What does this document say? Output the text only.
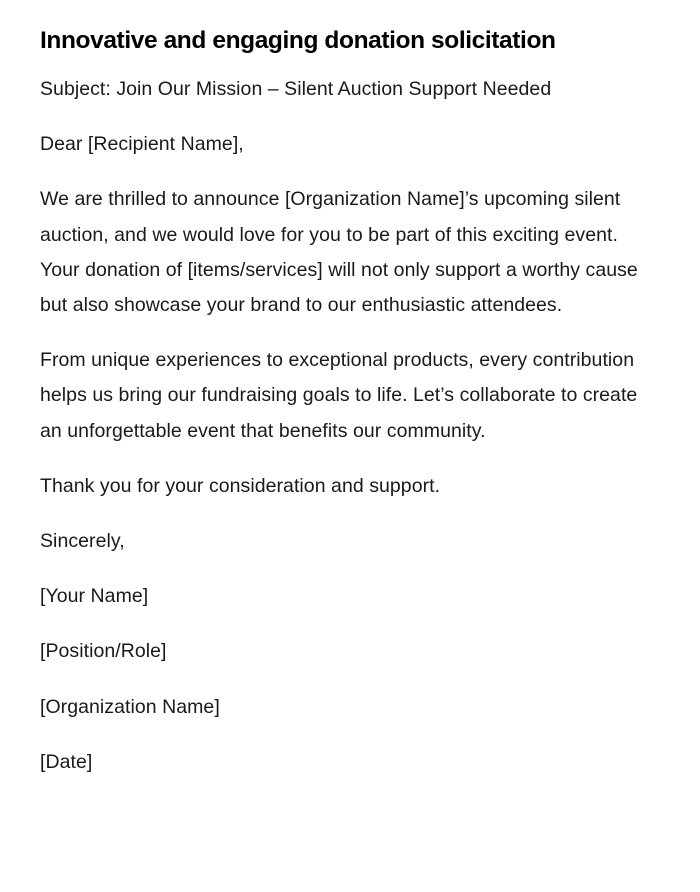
Innovative and engaging donation solicitation

Subject: Join Our Mission – Silent Auction Support Needed

Dear [Recipient Name],

We are thrilled to announce [Organization Name]’s upcoming silent auction, and we would love for you to be part of this exciting event. Your donation of [items/services] will not only support a worthy cause but also showcase your brand to our enthusiastic attendees.

From unique experiences to exceptional products, every contribution helps us bring our fundraising goals to life. Let’s collaborate to create an unforgettable event that benefits our community.

Thank you for your consideration and support.

Sincerely,

[Your Name]

[Position/Role]

[Organization Name]

[Date]
